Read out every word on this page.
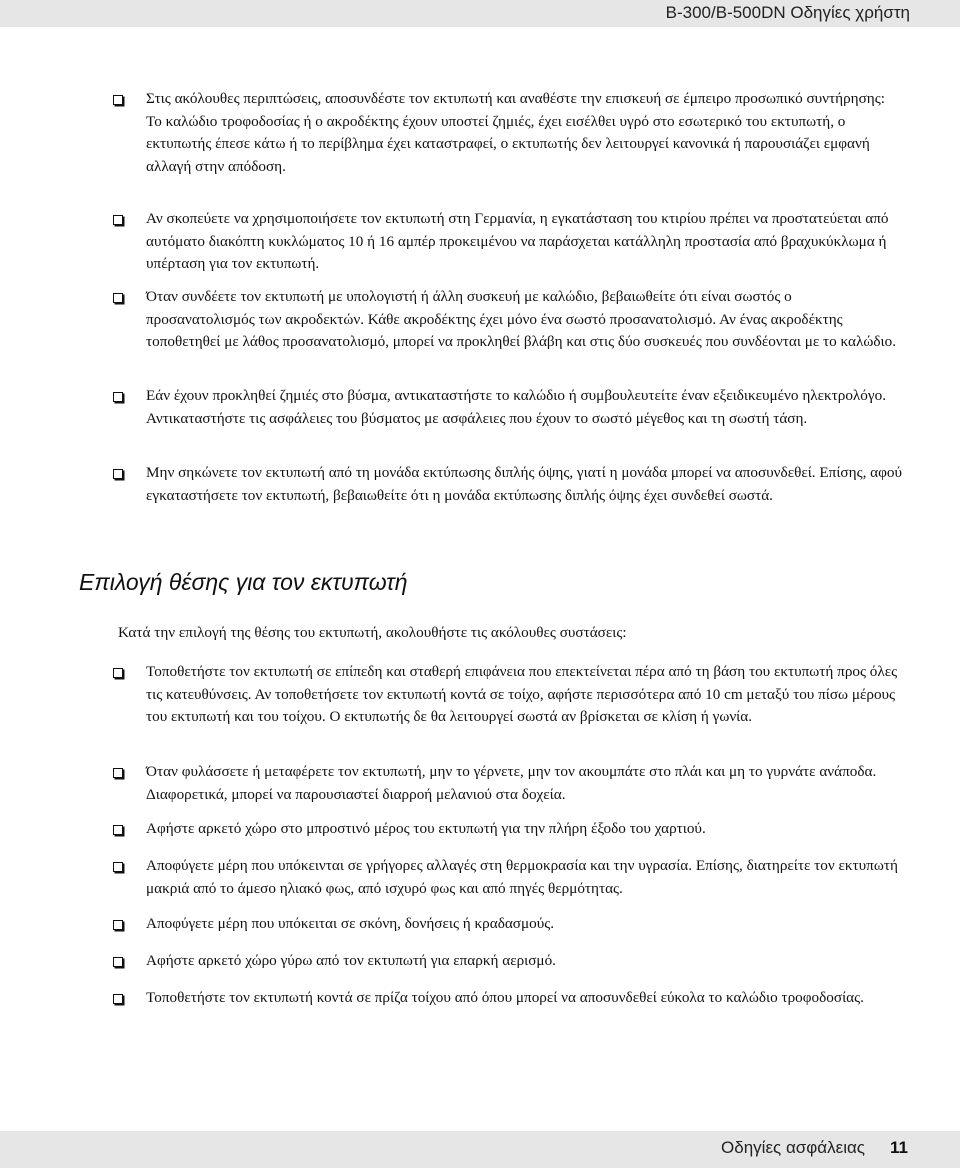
B-300/B-500DN Οδηγίες χρήστη
Στις ακόλουθες περιπτώσεις, αποσυνδέστε τον εκτυπωτή και αναθέστε την επισκευή σε έμπειρο προσωπικό συντήρησης:
Το καλώδιο τροφοδοσίας ή ο ακροδέκτης έχουν υποστεί ζημιές, έχει εισέλθει υγρό στο εσωτερικό του εκτυπωτή, ο εκτυπωτής έπεσε κάτω ή το περίβλημα έχει καταστραφεί, ο εκτυπωτής δεν λειτουργεί κανονικά ή παρουσιάζει εμφανή αλλαγή στην απόδοση.
Αν σκοπεύετε να χρησιμοποιήσετε τον εκτυπωτή στη Γερμανία, η εγκατάσταση του κτιρίου πρέπει να προστατεύεται από αυτόματο διακόπτη κυκλώματος 10 ή 16 αμπέρ προκειμένου να παράσχεται κατάλληλη προστασία από βραχυκύκλωμα ή υπέρταση για τον εκτυπωτή.
Όταν συνδέετε τον εκτυπωτή με υπολογιστή ή άλλη συσκευή με καλώδιο, βεβαιωθείτε ότι είναι σωστός ο προσανατολισμός των ακροδεκτών. Κάθε ακροδέκτης έχει μόνο ένα σωστό προσανατολισμό. Αν ένας ακροδέκτης τοποθετηθεί με λάθος προσανατολισμό, μπορεί να προκληθεί βλάβη και στις δύο συσκευές που συνδέονται με το καλώδιο.
Εάν έχουν προκληθεί ζημιές στο βύσμα, αντικαταστήστε το καλώδιο ή συμβουλευτείτε έναν εξειδικευμένο ηλεκτρολόγο. Αντικαταστήστε τις ασφάλειες του βύσματος με ασφάλειες που έχουν το σωστό μέγεθος και τη σωστή τάση.
Μην σηκώνετε τον εκτυπωτή από τη μονάδα εκτύπωσης διπλής όψης, γιατί η μονάδα μπορεί να αποσυνδεθεί. Επίσης, αφού εγκαταστήσετε τον εκτυπωτή, βεβαιωθείτε ότι η μονάδα εκτύπωσης διπλής όψης έχει συνδεθεί σωστά.
Επιλογή θέσης για τον εκτυπωτή
Κατά την επιλογή της θέσης του εκτυπωτή, ακολουθήστε τις ακόλουθες συστάσεις:
Τοποθετήστε τον εκτυπωτή σε επίπεδη και σταθερή επιφάνεια που επεκτείνεται πέρα από τη βάση του εκτυπωτή προς όλες τις κατευθύνσεις. Αν τοποθετήσετε τον εκτυπωτή κοντά σε τοίχο, αφήστε περισσότερα από 10 cm μεταξύ του πίσω μέρους του εκτυπωτή και του τοίχου. Ο εκτυπωτής δε θα λειτουργεί σωστά αν βρίσκεται σε κλίση ή γωνία.
Όταν φυλάσσετε ή μεταφέρετε τον εκτυπωτή, μην το γέρνετε, μην τον ακουμπάτε στο πλάι και μη το γυρνάτε ανάποδα. Διαφορετικά, μπορεί να παρουσιαστεί διαρροή μελανιού στα δοχεία.
Αφήστε αρκετό χώρο στο μπροστινό μέρος του εκτυπωτή για την πλήρη έξοδο του χαρτιού.
Αποφύγετε μέρη που υπόκεινται σε γρήγορες αλλαγές στη θερμοκρασία και την υγρασία. Επίσης, διατηρείτε τον εκτυπωτή μακριά από το άμεσο ηλιακό φως, από ισχυρό φως και από πηγές θερμότητας.
Αποφύγετε μέρη που υπόκειται σε σκόνη, δονήσεις ή κραδασμούς.
Αφήστε αρκετό χώρο γύρω από τον εκτυπωτή για επαρκή αερισμό.
Τοποθετήστε τον εκτυπωτή κοντά σε πρίζα τοίχου από όπου μπορεί να αποσυνδεθεί εύκολα το καλώδιο τροφοδοσίας.
Οδηγίες ασφάλειας 11
